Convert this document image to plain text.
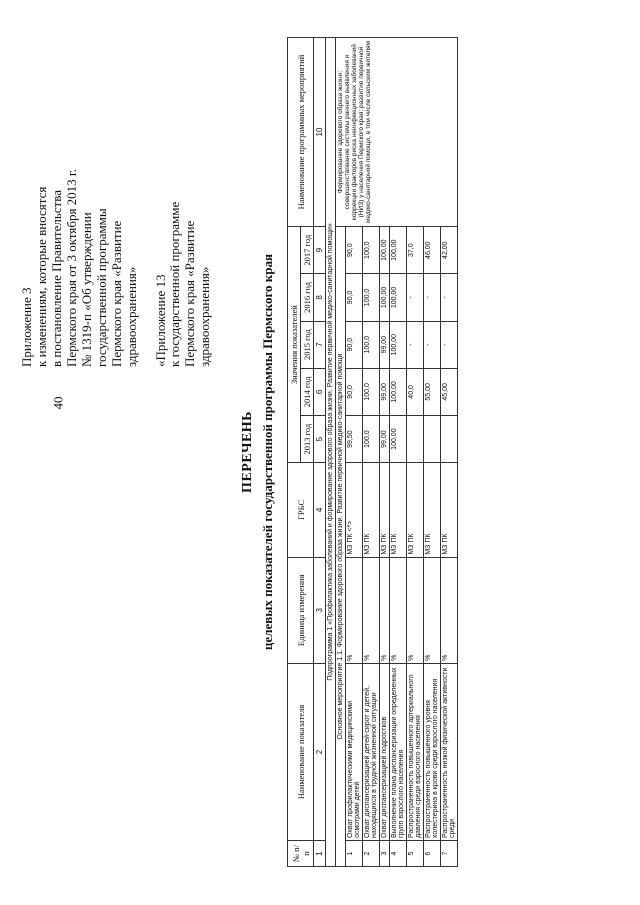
40
Приложение 3 к изменениям, которые вносятся в постановление Правительства Пермского края от 3 октября 2013 г. № 1319-п «Об утверждении государственной программы Пермского края «Развитие здравоохранения» «Приложение 13 к государственной программе Пермского края «Развитие здравоохранения»
ПЕРЕЧЕНЬ целевых показателей государственной программы Пермского края
№ п/п	Наименование показателя	Единица измерения	ГРБС	Значения показателей					Наименование программных мероприятий
				2013 год	2014 год	2015 год	2016 год	2017 год	
1	2	3	4	5	6	7	8	9	10
Подпрограмма 1 «Профилактика заболеваний и формирование здорового образа жизни. Развитие первичной медико-санитарной помощи»									
Основное мероприятие 1.1. Формирование здорового образа жизни. Развитие первичной медико-санитарной помощи									Формирование здорового образа жизни; совершенствование системы раннего выявления и коррекции факторов риска неинфекционных заболеваний (НИЗ) у населения Пермского края; развитие первичной медико-санитарной помощи, в том числе сельским жителям
1	Охват профилактическими медицинскими осмотрами детей	%	МЗ ПК <*>	99,50	90,0	90,0	90,0	90,0	
2	Охват диспансеризацией детей-сирот и детей, находящихся в трудной жизненной ситуации	%	МЗ ПК	100,0	100,0	100,0	100,0	100,0	
3	Охват диспансеризацией подростков	%	МЗ ПК	99,00	99,00	99,00	100,00	100,00	
4	Выполнение плана диспансеризации определенных групп взрослого населения	%	МЗ ПК	100,00	100,00	100,00	100,00	100,00	
5	Распространенность повышенного артериального давления среди взрослого населения	%	МЗ ПК		40,0	-	-	37,0	
6	Распространенность повышенного уровня холестерина в крови среди взрослого населения	%	МЗ ПК		55,00	-	-	46,00	
7	Распространенность низкой физической активности среди	%	МЗ ПК		45,00	-	-	42,00	
